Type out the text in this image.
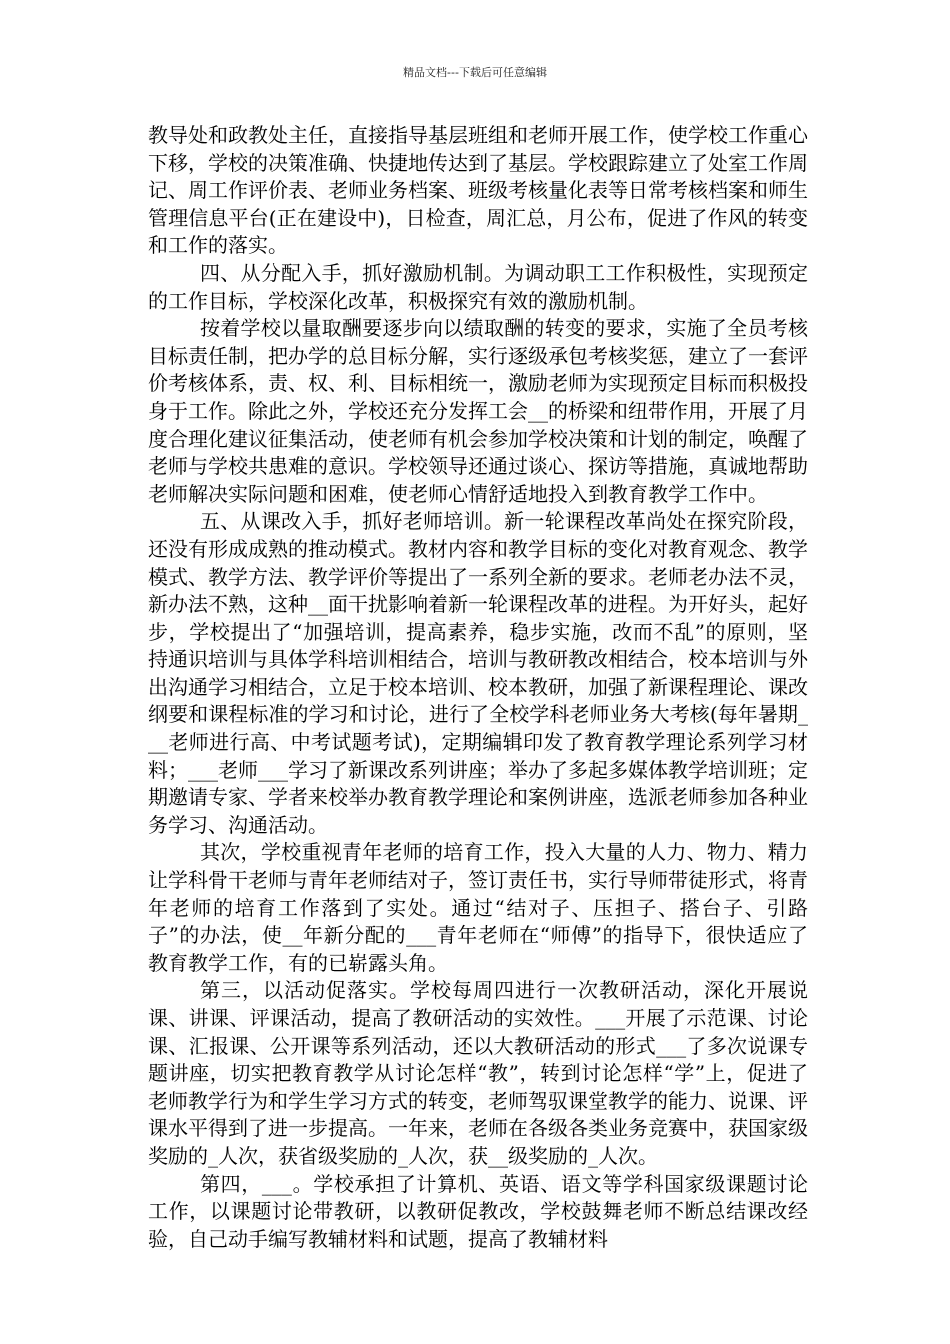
精品文档---下载后可任意编辑

教导处和政教处主任，直接指导基层班组和老师开展工作，使学校工作重心下移，学校的决策准确、快捷地传达到了基层。学校跟踪建立了处室工作周记、周工作评价表、老师业务档案、班级考核量化表等日常考核档案和师生管理信息平台(正在建设中)，日检查，周汇总，月公布，促进了作风的转变和工作的落实。

四、从分配入手，抓好激励机制。为调动职工工作积极性，实现预定的工作目标，学校深化改革，积极探究有效的激励机制。

按着学校以量取酬要逐步向以绩取酬的转变的要求，实施了全员考核目标责任制，把办学的总目标分解，实行逐级承包考核奖惩，建立了一套评价考核体系，责、权、利、目标相统一，激励老师为实现预定目标而积极投身于工作。除此之外，学校还充分发挥工会__的桥梁和纽带作用，开展了月度合理化建议征集活动，使老师有机会参加学校决策和计划的制定，唤醒了老师与学校共患难的意识。学校领导还通过谈心、探访等措施，真诚地帮助老师解决实际问题和困难，使老师心情舒适地投入到教育教学工作中。

五、从课改入手，抓好老师培训。新一轮课程改革尚处在探究阶段，还没有形成成熟的推动模式。教材内容和教学目标的变化对教育观念、教学模式、教学方法、教学评价等提出了一系列全新的要求。老师老办法不灵，新办法不熟，这种__面干扰影响着新一轮课程改革的进程。为开好头，起好步，学校提出了“加强培训，提高素养，稳步实施，改而不乱”的原则，坚持通识培训与具体学科培训相结合，培训与教研教改相结合，校本培训与外出沟通学习相结合，立足于校本培训、校本教研，加强了新课程理论、课改纲要和课程标准的学习和讨论，进行了全校学科老师业务大考核(每年暑期___老师进行高、中考试题考试)，定期编辑印发了教育教学理论系列学习材料；___老师___学习了新课改系列讲座；举办了多起多媒体教学培训班；定期邀请专家、学者来校举办教育教学理论和案例讲座，选派老师参加各种业务学习、沟通活动。

其次，学校重视青年老师的培育工作，投入大量的人力、物力、精力让学科骨干老师与青年老师结对子，签订责任书，实行导师带徒形式，将青年老师的培育工作落到了实处。通过“结对子、压担子、搭台子、引路子”的办法，使__年新分配的___青年老师在“师傅”的指导下，很快适应了教育教学工作，有的已崭露头角。

第三，以活动促落实。学校每周四进行一次教研活动，深化开展说课、讲课、评课活动，提高了教研活动的实效性。___开展了示范课、讨论课、汇报课、公开课等系列活动，还以大教研活动的形式___了多次说课专题讲座，切实把教育教学从讨论怎样“教”，转到讨论怎样“学”上，促进了老师教学行为和学生学习方式的转变，老师驾驭课堂教学的能力、说课、评课水平得到了进一步提高。一年来，老师在各级各类业务竞赛中，获国家级奖励的_人次，获省级奖励的_人次，获__级奖励的_人次。

第四，___。学校承担了计算机、英语、语文等学科国家级课题讨论工作，以课题讨论带教研，以教研促教改，学校鼓舞老师不断总结课改经验，自己动手编写教辅材料和试题，提高了教辅材料
